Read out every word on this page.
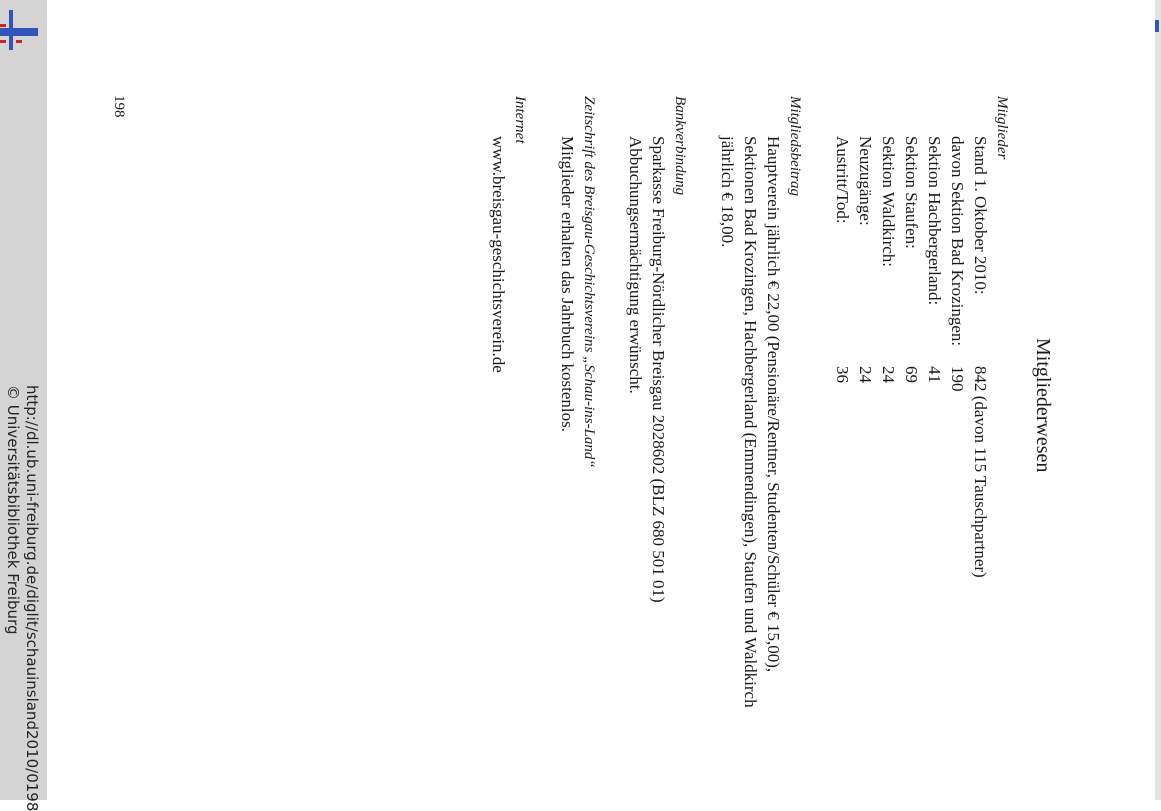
http://dl.ub.uni-freiburg.de/diglit/schauinsland2010/0198
© Universitätsbibliothek Freiburg	Mitgliederwesen
Mitglieder
Stand 1. Oktober 2010:
842 (davon 115 Tauschpartner)
davon Sektion Bad Krozingen:
190
Sektion Hachbergerland:
41
Sektion Staufen:
69
Sektion Waldkirch:
24
Neuzugänge:
24
Austritt/Tod:
36
Mitgliedsbeitrag
Hauptverein jährlich € 22,00 (Pensionäre/Rentner, Studenten/Schüler € 15,00),
Sektionen Bad Krozingen, Hachbergerland (Emmendingen), Staufen und Waldkirch
jährlich € 18,00.
Bankverbindung
Sparkasse Freiburg-Nördlicher Breisgau 2028602 (BLZ 680 501 01)
Abbuchungsermächtigung erwünscht.
Zeitschrift des Breisgau-Geschichtsvereins „Schau-ins-Land“
Mitglieder erhalten das Jahrbuch kostenlos.
Internet
www.breisgau-geschichtsverein.de
198
